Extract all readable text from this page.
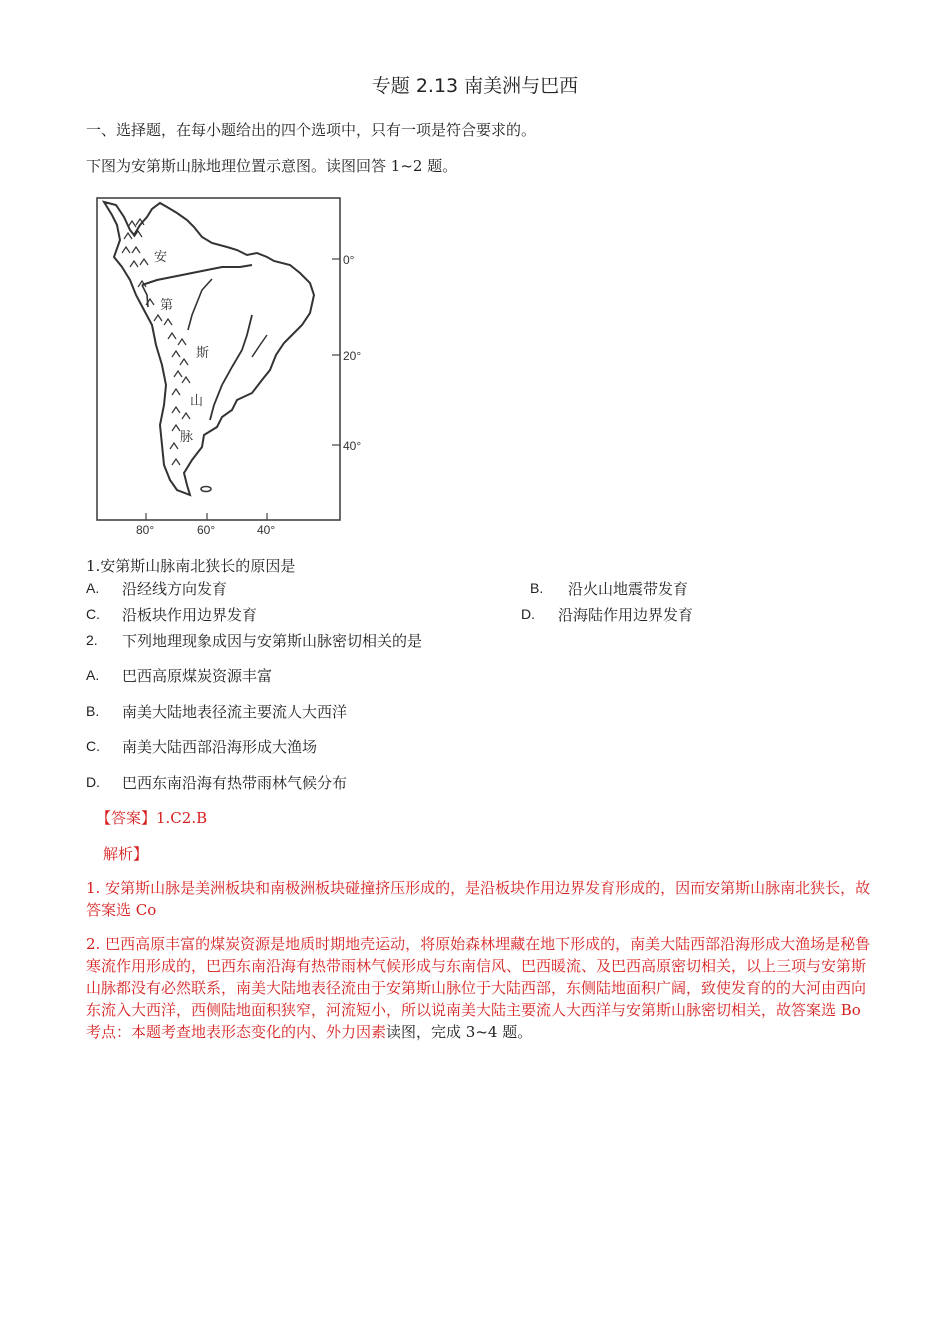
专题 2.13 南美洲与巴西
一、选择题，在每小题给出的四个选项中，只有一项是符合要求的。
下图为安第斯山脉地理位置示意图。读图回答 1~2 题。
安
第
斯
山
脉
0°
20°
40°
80°	60°	40°
1.安第斯山脉南北狭长的原因是
A. 沿经线方向发育	B. 沿火山地震带发育
C. 沿板块作用边界发育	D. 沿海陆作用边界发育
2. 下列地理现象成因与安第斯山脉密切相关的是
A. 巴西高原煤炭资源丰富
B. 南美大陆地表径流主要流人大西洋
C. 南美大陆西部沿海形成大渔场
D. 巴西东南沿海有热带雨林气候分布
【答案】1.C2.B
解析】
1. 安第斯山脉是美洲板块和南极洲板块碰撞挤压形成的，是沿板块作用边界发育形成的，因而安第斯山脉南北狭长，故答案选 Co
2. 巴西高原丰富的煤炭资源是地质时期地壳运动，将原始森林埋藏在地下形成的，南美大陆西部沿海形成大渔场是秘鲁寒流作用形成的，巴西东南沿海有热带雨林气候形成与东南信风、巴西暖流、及巴西高原密切相关，以上三项与安第斯山脉都没有必然联系，南美大陆地表径流由于安第斯山脉位于大陆西部，东侧陆地面积广阔，致使发育的的大河由西向东流入大西洋，西侧陆地面积狭窄，河流短小，所以说南美大陆主要流人大西洋与安第斯山脉密切相关，故答案选 Bo 考点：本题考查地表形态变化的内、外力因素读图，完成 3~4 题。
